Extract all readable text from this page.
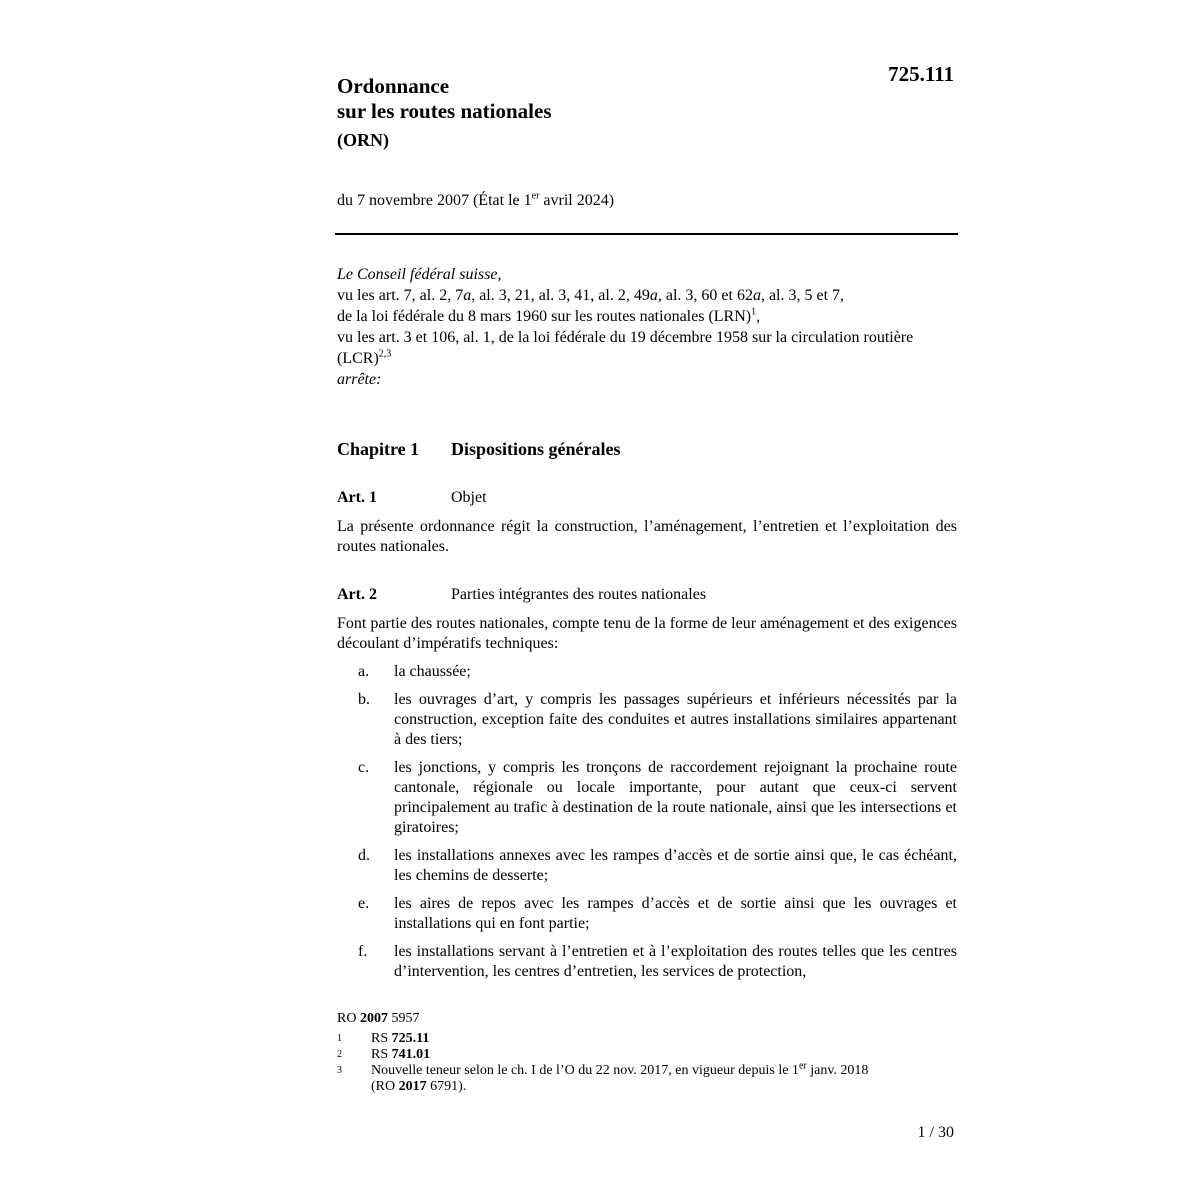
725.111
Ordonnance
sur les routes nationales
(ORN)
du 7 novembre 2007 (État le 1er avril 2024)

Le Conseil fédéral suisse,

vu les art. 7, al. 2, 7a, al. 3, 21, al. 3, 41, al. 2, 49a, al. 3, 60 et 62a, al. 3, 5 et 7,

de la loi fédérale du 8 mars 1960 sur les routes nationales (LRN)$^1$,

vu les art. 3 et 106, al. 1, de la loi fédérale du 19 décembre 1958 sur la circulation routière (LCR)$^{2,3}$

arrête:

Chapitre 1 Dispositions générales
Art. 1	Objet
La présente ordonnance régit la construction, l’aménagement, l’entretien et l’exploitation des routes nationales.
Art. 2	Parties intégrantes des routes nationales
Font partie des routes nationales, compte tenu de la forme de leur aménagement et des exigences découlant d’impératifs techniques:
a.	la chaussée;
b.	les ouvrages d’art, y compris les passages supérieurs et inférieurs nécessités par la construction, exception faite des conduites et autres installations similaires appartenant à des tiers;
c.	les jonctions, y compris les tronçons de raccordement rejoignant la prochaine route cantonale, régionale ou locale importante, pour autant que ceux-ci servent principalement au trafic à destination de la route nationale, ainsi que les intersections et giratoires;
d.	les installations annexes avec les rampes d’accès et de sortie ainsi que, le cas échéant, les chemins de desserte;
e.	les aires de repos avec les rampes d’accès et de sortie ainsi que les ouvrages et installations qui en font partie;
f.	les installations servant à l’entretien et à l’exploitation des routes telles que les centres d’intervention, les centres d’entretien, les services de protection,
RO 2007 5957
1	RS 725.11
2	RS 741.01
3	Nouvelle teneur selon le ch. I de l’O du 22 nov. 2017, en vigueur depuis le 1er janv. 2018
(RO 2017 6791).
1 / 30
